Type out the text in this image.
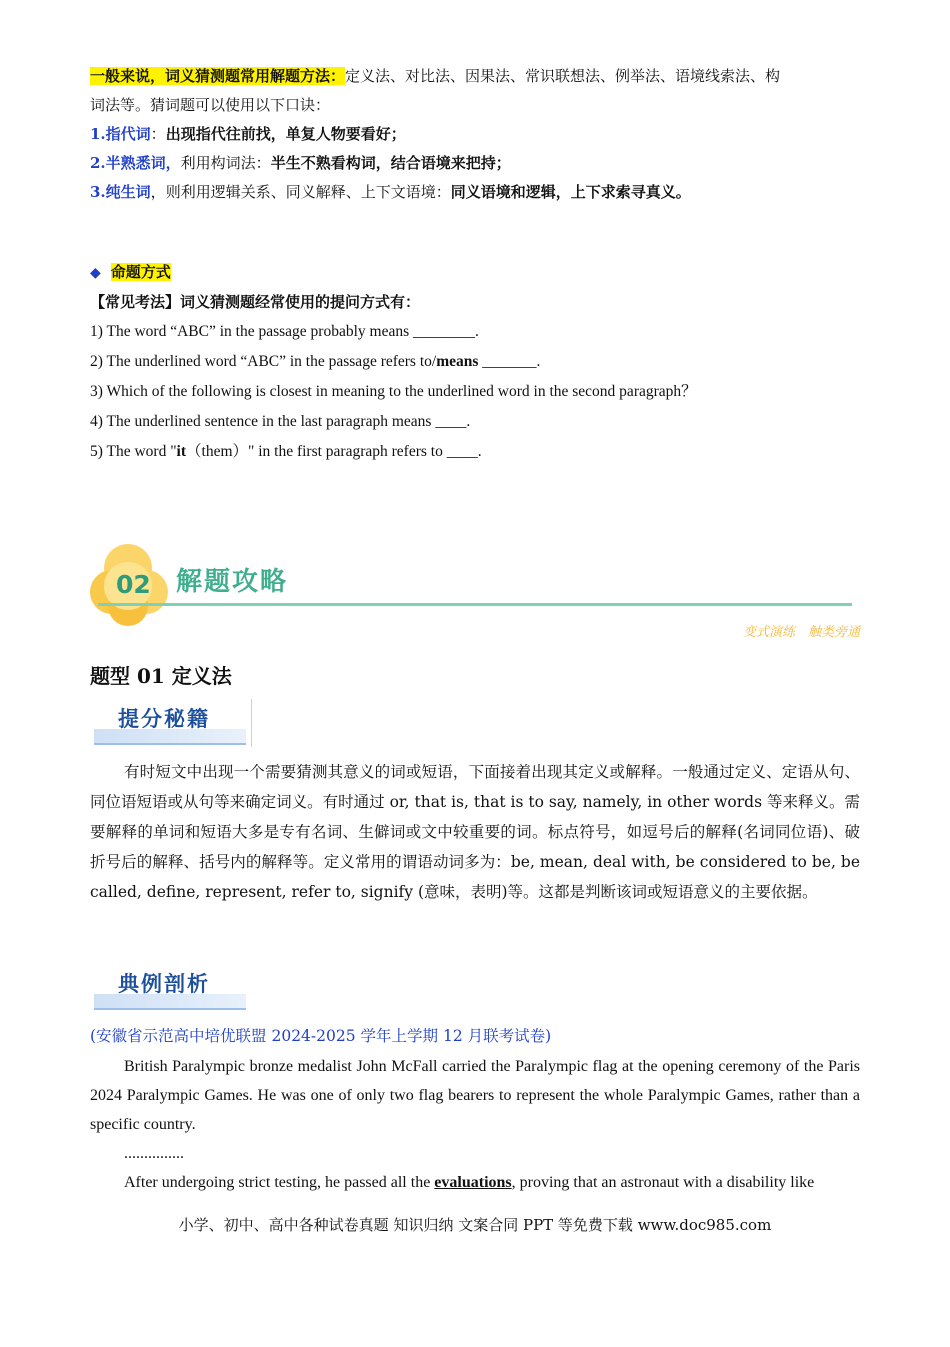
一般来说，词义猜测题常用解题方法：定义法、对比法、因果法、常识联想法、例举法、语境线索法、构

词法等。猜词题可以使用以下口诀：

1.指代词：出现指代往前找，单复人物要看好；

2.半熟悉词，利用构词法：半生不熟看构词，结合语境来把持；

3.纯生词，则利用逻辑关系、同义解释、上下文语境：同义语境和逻辑，上下求索寻真义。

◆ 命题方式

【常见考法】词义猜测题经常使用的提问方式有：

1) The word “ABC” in the passage probably means ________.

2) The underlined word “ABC” in the passage refers to/means _______.

3) Which of the following is closest in meaning to the underlined word in the second paragraph？

4) The underlined sentence in the last paragraph means ____.

5) The word "it（them）" in the first paragraph refers to ____.

02 解题攻略
变式演练　触类旁通
题型 01 定义法
提分秘籍
有时短文中出现一个需要猜测其意义的词或短语，下面接着出现其定义或解释。一般通过定义、定语从句、同位语短语或从句等来确定词义。有时通过 or, that is, that is to say, namely, in other words 等来释义。需要解释的单词和短语大多是专有名词、生僻词或文中较重要的词。标点符号，如逗号后的解释(名词同位语)、破折号后的解释、括号内的解释等。定义常用的谓语动词多为：be, mean, deal with, be considered to be, be called, define, represent, refer to, signify (意味，表明)等。这都是判断该词或短语意义的主要依据。
典例剖析
(安徽省示范高中培优联盟 2024-2025 学年上学期 12 月联考试卷)
British Paralympic bronze medalist John McFall carried the Paralympic flag at the opening ceremony of the Paris 2024 Paralympic Games. He was one of only two flag bearers to represent the whole Paralympic Games, rather than a specific country.
...............
After undergoing strict testing, he passed all the evaluations, proving that an astronaut with a disability like
小学、初中、高中各种试卷真题 知识归纳 文案合同 PPT 等免费下载 www.doc985.com
